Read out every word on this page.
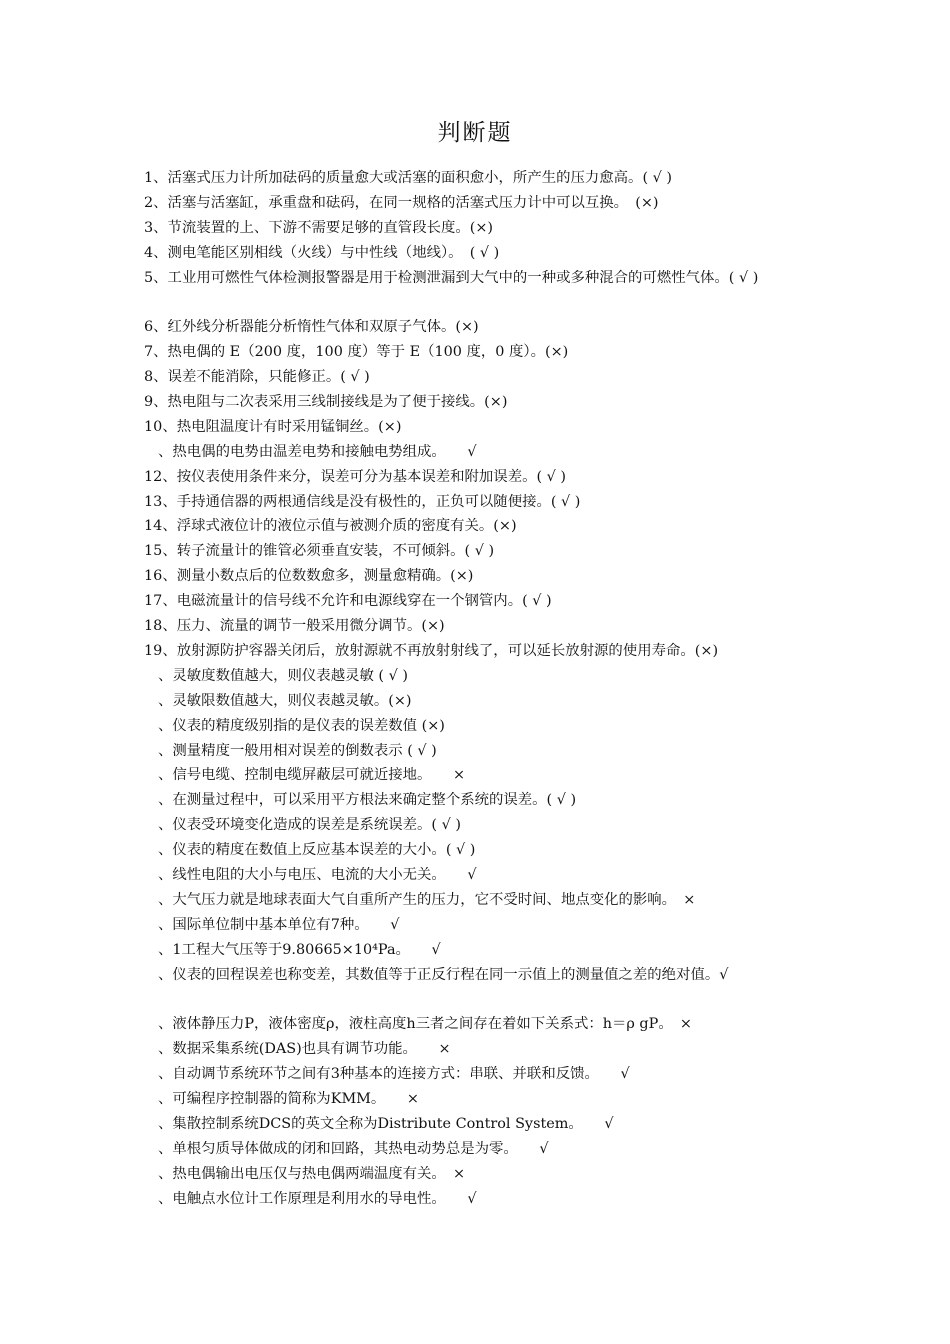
判断题
1、活塞式压力计所加砝码的质量愈大或活塞的面积愈小，所产生的压力愈高。( √ )
2、活塞与活塞缸，承重盘和砝码，在同一规格的活塞式压力计中可以互换。　(×)
3、节流装置的上、下游不需要足够的直管段长度。(×)
4、测电笔能区别相线（火线）与中性线（地线）。　( √ )
5、工业用可燃性气体检测报警器是用于检测泄漏到大气中的一种或多种混合的可燃性气体。( √ )
6、红外线分析器能分析惰性气体和双原子气体。(×)
7、热电偶的 E（200 度，100 度）等于 E（100 度，0 度）。(×)
8、误差不能消除，只能修正。( √ )
9、热电阻与二次表采用三线制接线是为了便于接线。(×)
10、热电阻温度计有时采用锰铜丝。(×)
、热电偶的电势由温差电势和接触电势组成。　　√
12、按仪表使用条件来分，误差可分为基本误差和附加误差。( √ )
13、手持通信器的两根通信线是没有极性的，正负可以随便接。( √ )
14、浮球式液位计的液位示值与被测介质的密度有关。(×)
15、转子流量计的锥管必须垂直安装，不可倾斜。( √ )
16、测量小数点后的位数数愈多，测量愈精确。(×)
17、电磁流量计的信号线不允许和电源线穿在一个钢管内。( √ )
18、压力、流量的调节一般采用微分调节。(×)
19、放射源防护容器关闭后，放射源就不再放射射线了，可以延长放射源的使用寿命。(×)
、灵敏度数值越大，则仪表越灵敏 ( √ )
、灵敏限数值越大，则仪表越灵敏。(×)
、仪表的精度级别指的是仪表的误差数值 (×)
、测量精度一般用相对误差的倒数表示 ( √ )
、信号电缆、控制电缆屏蔽层可就近接地。　　×
、在测量过程中，可以采用平方根法来确定整个系统的误差。( √ )
、仪表受环境变化造成的误差是系统误差。( √ )
、仪表的精度在数值上反应基本误差的大小。( √ )
、线性电阻的大小与电压、电流的大小无关。　　√
、大气压力就是地球表面大气自重所产生的压力，它不受时间、地点变化的影响。　×
、国际单位制中基本单位有7种。　　√
、1工程大气压等于9.80665×10⁴Pa。　　√
、仪表的回程误差也称变差，其数值等于正反行程在同一示值上的测量值之差的绝对值。√
、液体静压力P，液体密度ρ，液柱高度h三者之间存在着如下关系式：h＝ρ gP。　×
、数据采集系统(DAS)也具有调节功能。　　×
、自动调节系统环节之间有3种基本的连接方式：串联、并联和反馈。　　√
、可编程序控制器的简称为KMM。　　×
、集散控制系统DCS的英文全称为Distribute Control System。　　√
、单根匀质导体做成的闭和回路，其热电动势总是为零。　　√
、热电偶输出电压仅与热电偶两端温度有关。　×
、电触点水位计工作原理是利用水的导电性。　　√
